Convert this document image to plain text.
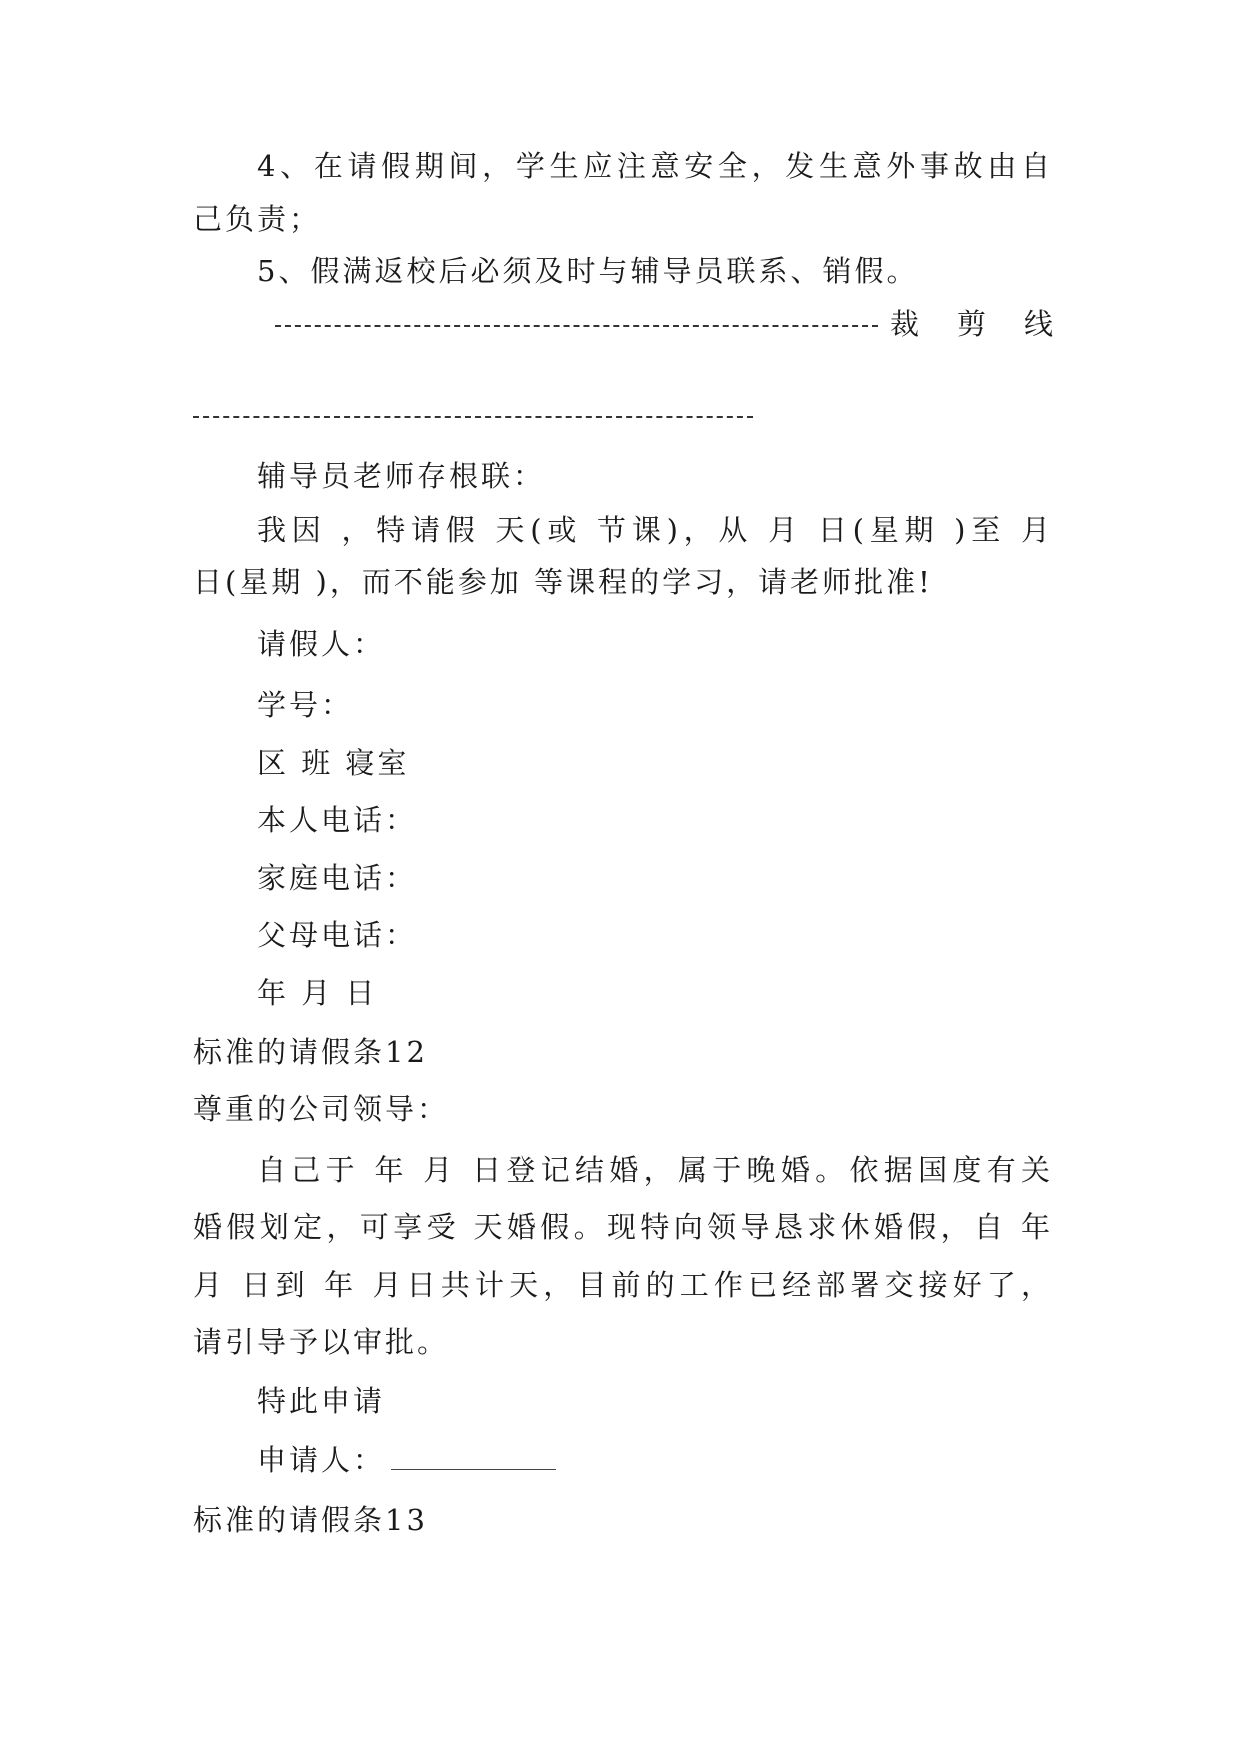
4、在请假期间，学生应注意安全，发生意外事故由自
己负责；
5、假满返校后必须及时与辅导员联系、销假。
裁剪线
辅导员老师存根联：
我因 ，特请假 天(或 节课)，从 月 日(星期 )至 月
日(星期 )，而不能参加 等课程的学习，请老师批准!
请假人：
学号：
区 班 寝室
本人电话：
家庭电话：
父母电话：
年 月 日
标准的请假条12
尊重的公司领导：
自己于 年 月 日登记结婚，属于晚婚。依据国度有关
婚假划定，可享受 天婚假。现特向领导恳求休婚假，自 年
月 日到 年 月日共计天，目前的工作已经部署交接好了，
请引导予以审批。
特此申请
申请人：
标准的请假条13
